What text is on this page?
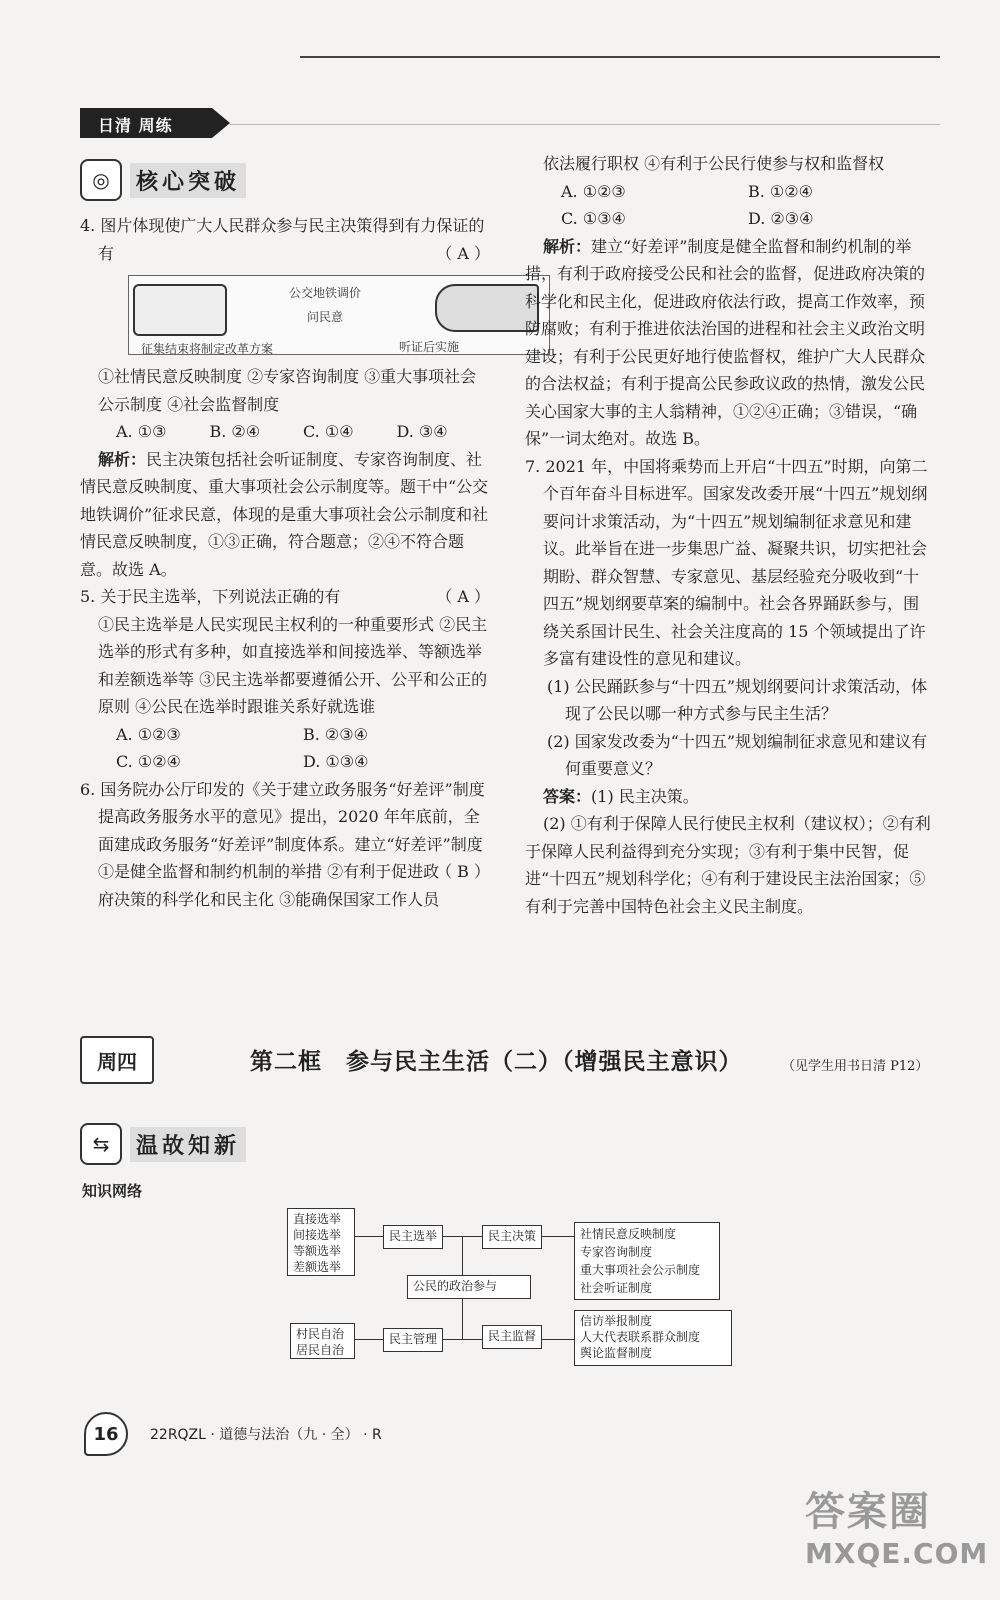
日清 周练
◎	核心突破

4. 图片体现使广大人民群众参与民主决策得到有力保证的有	（ A ）

公交地铁调价
问民意
征集结束将制定改革方案	听证后实施

①社情民意反映制度 ②专家咨询制度 ③重大事项社会公示制度 ④社会监督制度

A. ①③	B. ②④	C. ①④	D. ③④

解析：民主决策包括社会听证制度、专家咨询制度、社情民意反映制度、重大事项社会公示制度等。题干中“公交地铁调价”征求民意，体现的是重大事项社会公示制度和社情民意反映制度，①③正确，符合题意；②④不符合题意。故选 A。

5. 关于民主选举，下列说法正确的有	（ A ）

①民主选举是人民实现民主权利的一种重要形式 ②民主选举的形式有多种，如直接选举和间接选举、等额选举和差额选举等 ③民主选举都要遵循公开、公平和公正的原则 ④公民在选举时跟谁关系好就选谁

A. ①②③	B. ②③④
C. ①②④	D. ①③④

6. 国务院办公厅印发的《关于建立政务服务“好差评”制度提高政务服务水平的意见》提出，2020 年年底前，全面建成政务服务“好差评”制度体系。建立“好差评”制度
（ B ）

①是健全监督和制约机制的举措 ②有利于促进政府决策的科学化和民主化 ③能确保国家工作人员

依法履行职权 ④有利于公民行使参与权和监督权

A. ①②③	B. ①②④
C. ①③④	D. ②③④

解析：建立“好差评”制度是健全监督和制约机制的举措，有利于政府接受公民和社会的监督，促进政府决策的科学化和民主化，促进政府依法行政，提高工作效率，预防腐败；有利于推进依法治国的进程和社会主义政治文明建设；有利于公民更好地行使监督权，维护广大人民群众的合法权益；有利于提高公民参政议政的热情，激发公民关心国家大事的主人翁精神，①②④正确；③错误，“确保”一词太绝对。故选 B。

7. 2021 年，中国将乘势而上开启“十四五”时期，向第二个百年奋斗目标进军。国家发改委开展“十四五”规划纲要问计求策活动，为“十四五”规划编制征求意见和建议。此举旨在进一步集思广益、凝聚共识，切实把社会期盼、群众智慧、专家意见、基层经验充分吸收到“十四五”规划纲要草案的编制中。社会各界踊跃参与，围绕关系国计民生、社会关注度高的 15 个领域提出了许多富有建设性的意见和建议。

(1) 公民踊跃参与“十四五”规划纲要问计求策活动，体现了公民以哪一种方式参与民主生活？

(2) 国家发改委为“十四五”规划编制征求意见和建议有何重要意义？

答案：(1) 民主决策。

(2) ①有利于保障人民行使民主权利（建议权）；②有利于保障人民利益得到充分实现；③有利于集中民智，促进“十四五”规划科学化；④有利于建设民主法治国家；⑤有利于完善中国特色社会主义民主制度。

周四	第二框　参与民主生活（二）（增强民主意识）	（见学生用书日清 P12）
⇆	温故知新
知识网络
直接选举
间接选举
等额选举
差额选举
民主选举	民主决策	社情民意反映制度
专家咨询制度
重大事项社会公示制度
社会听证制度
公民的政治参与
村民自治
居民自治
民主管理	民主监督
信访举报制度
人大代表联系群众制度
舆论监督制度
16	22RQZL · 道德与法治（九 · 全） · R
答案圈
MXQE.COM
